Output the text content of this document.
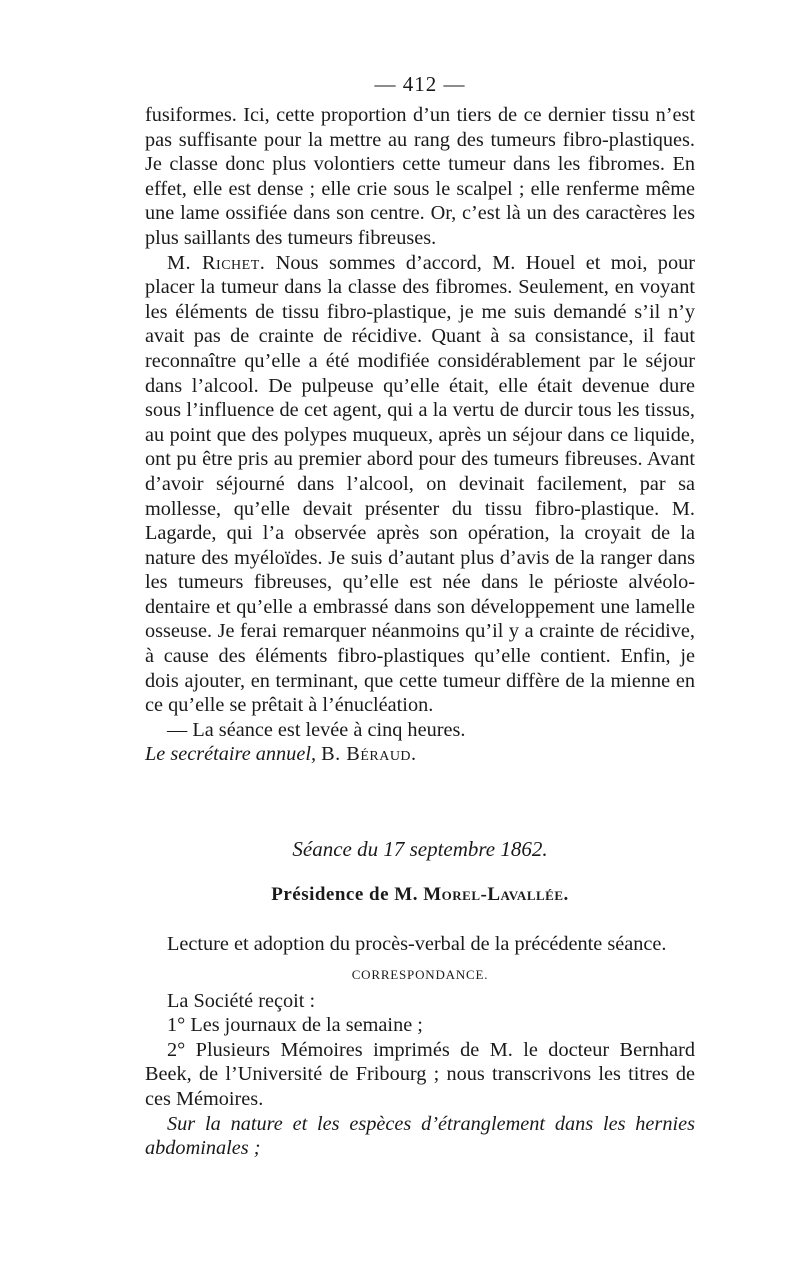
— 412 —

fusiformes. Ici, cette proportion d’un tiers de ce dernier tissu n’est pas suffisante pour la mettre au rang des tumeurs fibro-plastiques. Je classe donc plus volontiers cette tumeur dans les fibromes. En effet, elle est dense ; elle crie sous le scalpel ; elle renferme même une lame ossifiée dans son centre. Or, c’est là un des caractères les plus saillants des tumeurs fibreuses.

M. Richet. Nous sommes d’accord, M. Houel et moi, pour placer la tumeur dans la classe des fibromes. Seulement, en voyant les éléments de tissu fibro-plastique, je me suis demandé s’il n’y avait pas de crainte de récidive. Quant à sa consistance, il faut reconnaître qu’elle a été modifiée considérablement par le séjour dans l’alcool. De pulpeuse qu’elle était, elle était devenue dure sous l’influence de cet agent, qui a la vertu de durcir tous les tissus, au point que des polypes muqueux, après un séjour dans ce liquide, ont pu être pris au premier abord pour des tumeurs fibreuses. Avant d’avoir séjourné dans l’alcool, on devinait facilement, par sa mollesse, qu’elle devait présenter du tissu fibro-plastique. M. Lagarde, qui l’a observée après son opération, la croyait de la nature des myéloïdes. Je suis d’autant plus d’avis de la ranger dans les tumeurs fibreuses, qu’elle est née dans le périoste alvéolo-dentaire et qu’elle a embrassé dans son développement une lamelle osseuse. Je ferai remarquer néanmoins qu’il y a crainte de récidive, à cause des éléments fibro-plastiques qu’elle contient. Enfin, je dois ajouter, en terminant, que cette tumeur diffère de la mienne en ce qu’elle se prêtait à l’énucléation.

— La séance est levée à cinq heures.

Le secrétaire annuel, B. Béraud.

Séance du 17 septembre 1862.
Présidence de M. Morel-Lavallée.

Lecture et adoption du procès-verbal de la précédente séance.

CORRESPONDANCE.

La Société reçoit :

1° Les journaux de la semaine ;

2° Plusieurs Mémoires imprimés de M. le docteur Bernhard Beek, de l’Université de Fribourg ; nous transcrivons les titres de ces Mémoires.

Sur la nature et les espèces d’étranglement dans les hernies abdominales ;
